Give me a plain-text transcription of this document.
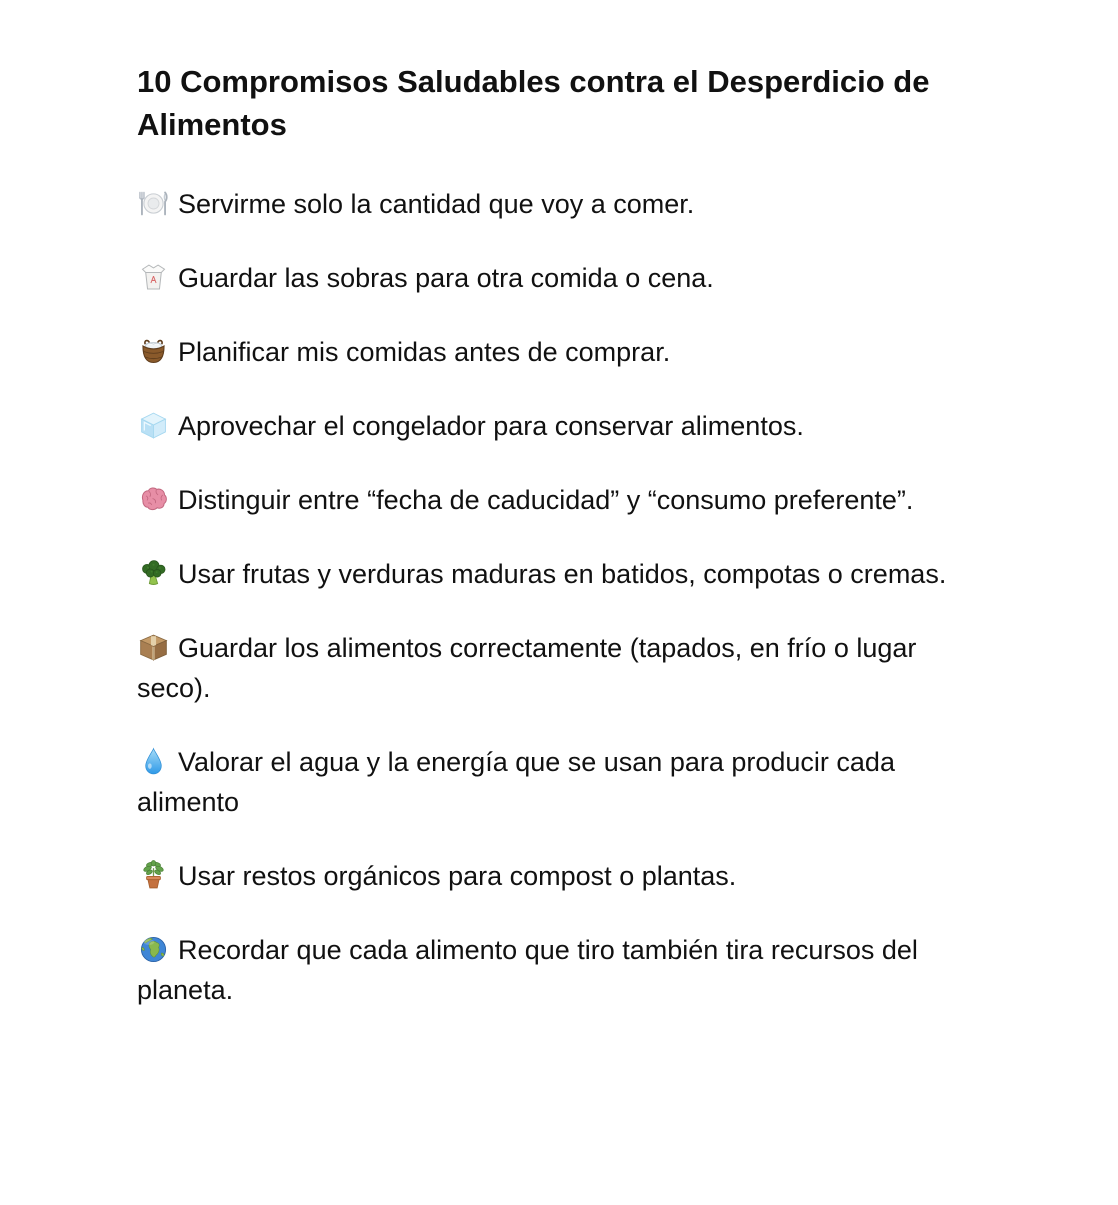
10 Compromisos Saludables contra el Desperdicio de Alimentos

Servirme solo la cantidad que voy a comer.

Guardar las sobras para otra comida o cena.

Planificar mis comidas antes de comprar.

Aprovechar el congelador para conservar alimentos.

Distinguir entre “fecha de caducidad” y “consumo preferente”.

Usar frutas y verduras maduras en batidos, compotas o cremas.

Guardar los alimentos correctamente (tapados, en frío o lugar seco).

Valorar el agua y la energía que se usan para producir cada alimento

Usar restos orgánicos para compost o plantas.

Recordar que cada alimento que tiro también tira recursos del planeta.
